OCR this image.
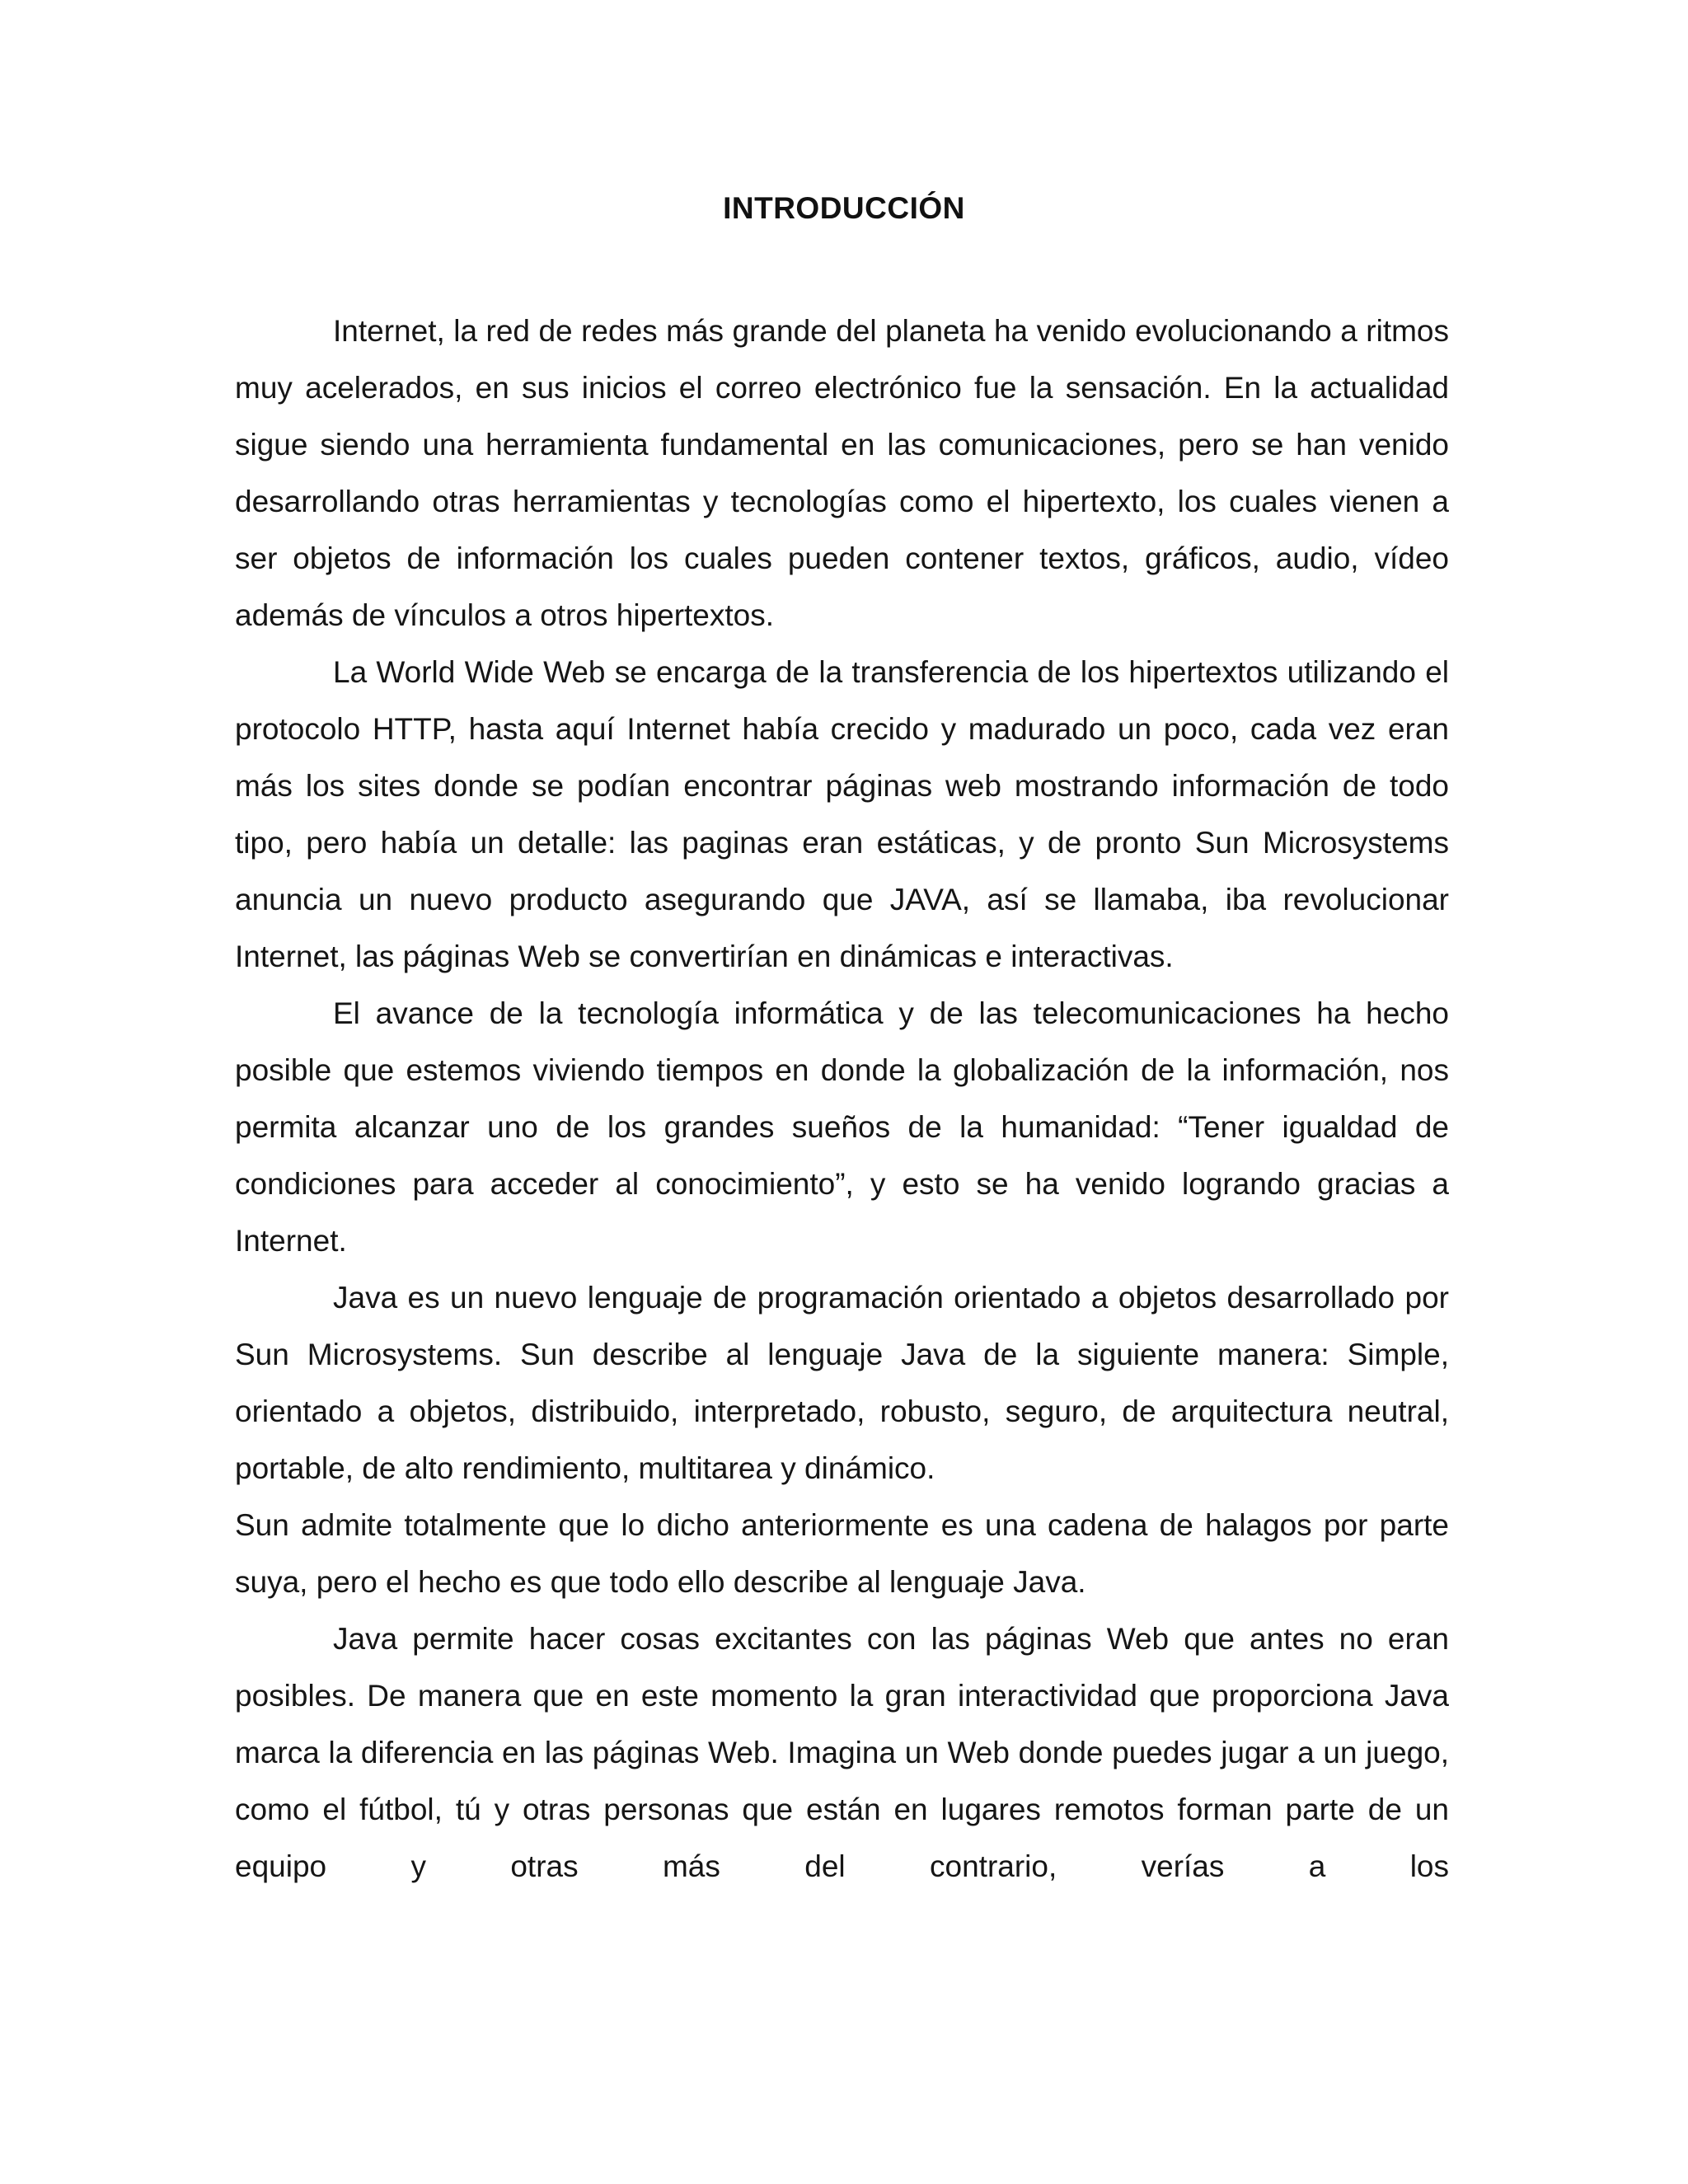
INTRODUCCIÓN

Internet, la red de redes más grande del planeta ha venido evolucionando a ritmos muy acelerados, en sus inicios el correo electrónico fue la sensación. En la actualidad sigue siendo una herramienta fundamental en las comunicaciones, pero se han venido desarrollando otras herramientas y tecnologías como el hipertexto, los cuales vienen a ser objetos de información los cuales pueden contener textos, gráficos, audio, vídeo además de vínculos a otros hipertextos.

La World Wide Web se encarga de la transferencia de los hipertextos utilizando el protocolo HTTP, hasta aquí Internet había crecido y madurado un poco, cada vez eran más los sites donde se podían encontrar páginas web mostrando información de todo tipo, pero había un detalle: las paginas eran estáticas, y de pronto Sun Microsystems anuncia un nuevo producto asegurando que JAVA, así se llamaba, iba revolucionar Internet, las páginas Web se convertirían en dinámicas e interactivas.

El avance de la tecnología informática y de las telecomunicaciones ha hecho posible que estemos viviendo tiempos en donde la globalización de la información, nos permita alcanzar uno de los grandes sueños de la humanidad: “Tener igualdad de condiciones para acceder al conocimiento”, y esto se ha venido logrando gracias a Internet.

Java es un nuevo lenguaje de programación orientado a objetos desarrollado por Sun Microsystems. Sun describe al lenguaje Java de la siguiente manera: Simple, orientado a objetos, distribuido, interpretado, robusto, seguro, de arquitectura neutral, portable, de alto rendimiento, multitarea y dinámico.

Sun admite totalmente que lo dicho anteriormente es una cadena de halagos por parte suya, pero el hecho es que todo ello describe al lenguaje Java.

Java permite hacer cosas excitantes con las páginas Web que antes no eran posibles. De manera que en este momento la gran interactividad que proporciona Java marca la diferencia en las páginas Web. Imagina un Web donde puedes jugar a un juego, como el fútbol, tú y otras personas que están en lugares remotos forman parte de un equipo y otras más del contrario, verías a los
